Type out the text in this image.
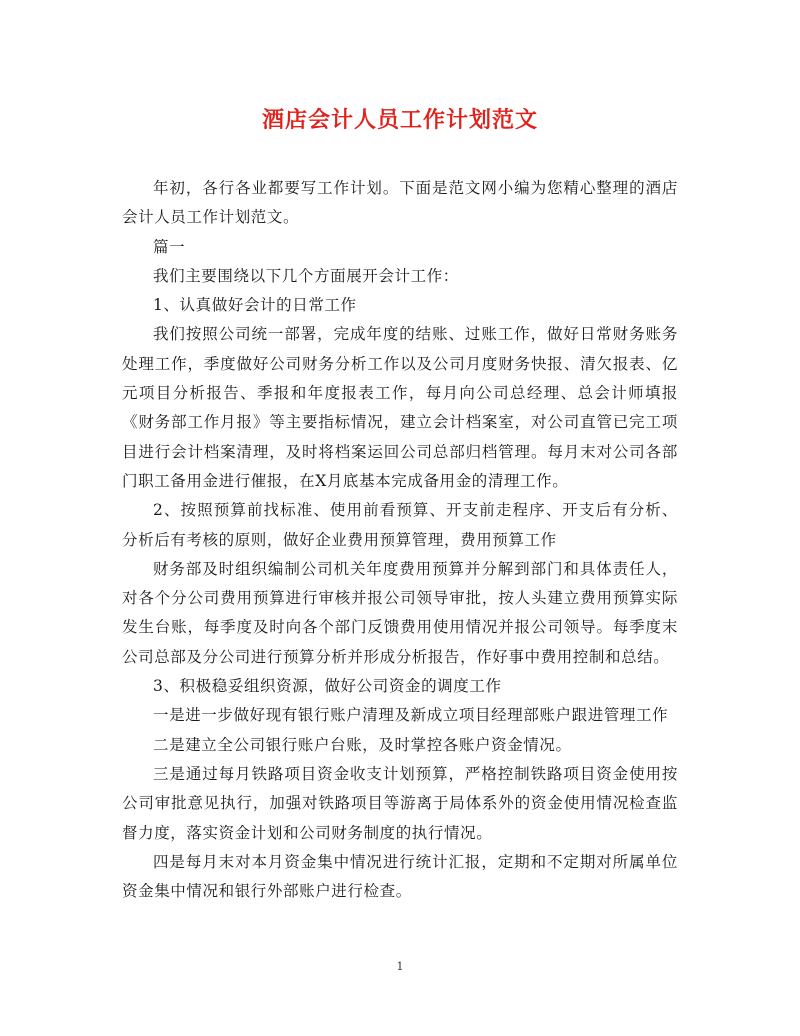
酒店会计人员工作计划范文

年初，各行各业都要写工作计划。下面是范文网小编为您精心整理的酒店会计人员工作计划范文。

篇一

我们主要围绕以下几个方面展开会计工作：

1、认真做好会计的日常工作

我们按照公司统一部署，完成年度的结账、过账工作，做好日常财务账务处理工作，季度做好公司财务分析工作以及公司月度财务快报、清欠报表、亿元项目分析报告、季报和年度报表工作，每月向公司总经理、总会计师填报《财务部工作月报》等主要指标情况，建立会计档案室，对公司直管已完工项目进行会计档案清理，及时将档案运回公司总部归档管理。每月末对公司各部门职工备用金进行催报，在X月底基本完成备用金的清理工作。

2、按照预算前找标准、使用前看预算、开支前走程序、开支后有分析、分析后有考核的原则，做好企业费用预算管理，费用预算工作

财务部及时组织编制公司机关年度费用预算并分解到部门和具体责任人，对各个分公司费用预算进行审核并报公司领导审批，按人头建立费用预算实际发生台账，每季度及时向各个部门反馈费用使用情况并报公司领导。每季度末公司总部及分公司进行预算分析并形成分析报告，作好事中费用控制和总结。

3、积极稳妥组织资源，做好公司资金的调度工作

一是进一步做好现有银行账户清理及新成立项目经理部账户跟进管理工作

二是建立全公司银行账户台账，及时掌控各账户资金情况。

三是通过每月铁路项目资金收支计划预算，严格控制铁路项目资金使用按公司审批意见执行，加强对铁路项目等游离于局体系外的资金使用情况检查监督力度，落实资金计划和公司财务制度的执行情况。

四是每月末对本月资金集中情况进行统计汇报，定期和不定期对所属单位资金集中情况和银行外部账户进行检查。

1
